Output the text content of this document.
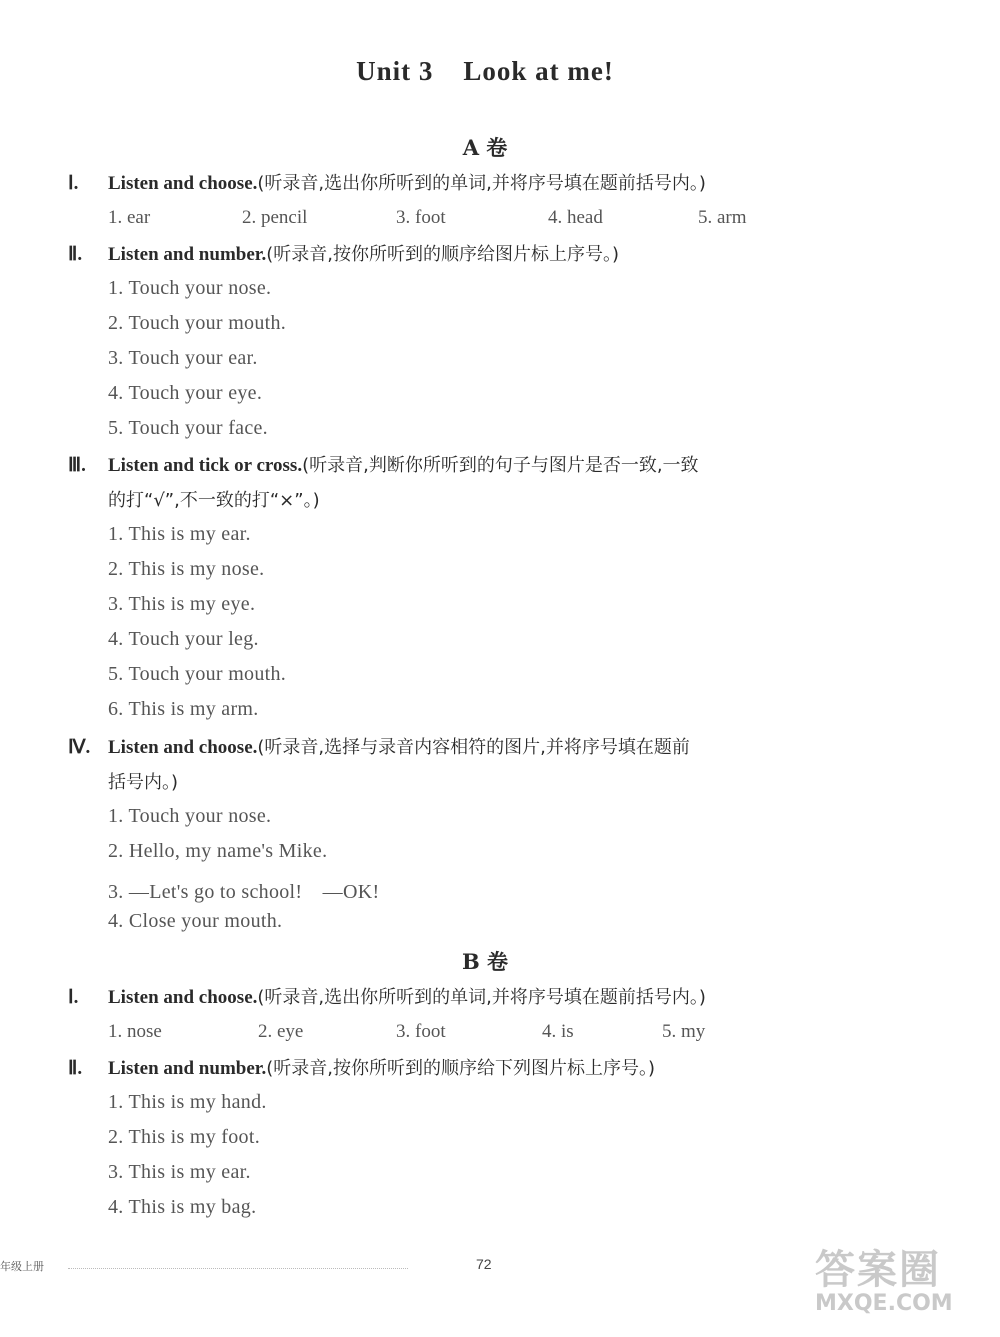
Unit 3 Look at me!
A 卷
Ⅰ. Listen and choose.(听录音,选出你所听到的单词,并将序号填在题前括号内。)
1. ear	2. pencil	3. foot	4. head	5. arm
Ⅱ. Listen and number.(听录音,按你所听到的顺序给图片标上序号。)
1. Touch your nose.
2. Touch your mouth.
3. Touch your ear.
4. Touch your eye.
5. Touch your face.
Ⅲ. Listen and tick or cross.(听录音,判断你所听到的句子与图片是否一致,一致
的打“√”,不一致的打“×”。)
1. This is my ear.
2. This is my nose.
3. This is my eye.
4. Touch your leg.
5. Touch your mouth.
6. This is my arm.
Ⅳ. Listen and choose.(听录音,选择与录音内容相符的图片,并将序号填在题前
括号内。)
1. Touch your nose.
2. Hello, my name's Mike.
3. —Let's go to school!　—OK!
4. Close your mouth.
B 卷
Ⅰ. Listen and choose.(听录音,选出你所听到的单词,并将序号填在题前括号内。)
1. nose	2. eye	3. foot	4. is	5. my
Ⅱ. Listen and number.(听录音,按你所听到的顺序给下列图片标上序号。)
1. This is my hand.
2. This is my foot.
3. This is my ear.
4. This is my bag.
年级上册	72	答案圈
MXQE.COM
